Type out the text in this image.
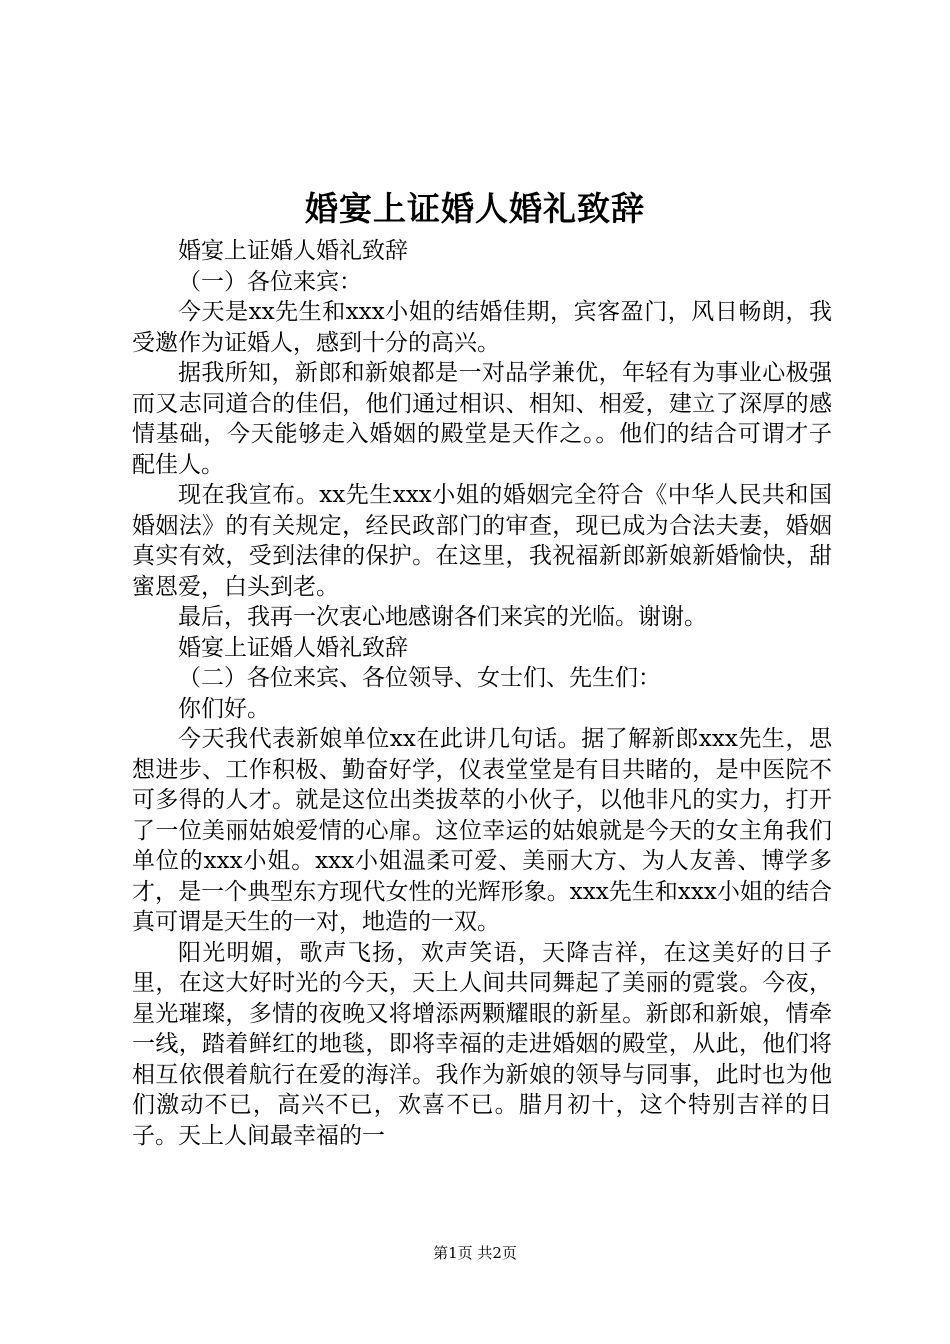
婚宴上证婚人婚礼致辞

婚宴上证婚人婚礼致辞

（一）各位来宾：

今天是xx先生和xxx小姐的结婚佳期，宾客盈门，风日畅朗，我受邀作为证婚人，感到十分的高兴。

据我所知，新郎和新娘都是一对品学兼优，年轻有为事业心极强而又志同道合的佳侣，他们通过相识、相知、相爱，建立了深厚的感情基础，今天能够走入婚姻的殿堂是天作之。。他们的结合可谓才子配佳人。

现在我宣布。xx先生xxx小姐的婚姻完全符合《中华人民共和国婚姻法》的有关规定，经民政部门的审查，现已成为合法夫妻，婚姻真实有效，受到法律的保护。在这里，我祝福新郎新娘新婚愉快，甜蜜恩爱，白头到老。

最后，我再一次衷心地感谢各们来宾的光临。谢谢。

婚宴上证婚人婚礼致辞

（二）各位来宾、各位领导、女士们、先生们：

你们好。

今天我代表新娘单位xx在此讲几句话。据了解新郎xxx先生，思想进步、工作积极、勤奋好学，仪表堂堂是有目共睹的，是中医院不可多得的人才。就是这位出类拔萃的小伙子，以他非凡的实力，打开了一位美丽姑娘爱情的心扉。这位幸运的姑娘就是今天的女主角我们单位的xxx小姐。xxx小姐温柔可爱、美丽大方、为人友善、博学多才，是一个典型东方现代女性的光辉形象。xxx先生和xxx小姐的结合真可谓是天生的一对，地造的一双。

阳光明媚，歌声飞扬，欢声笑语，天降吉祥，在这美好的日子里，在这大好时光的今天，天上人间共同舞起了美丽的霓裳。今夜，星光璀璨，多情的夜晚又将增添两颗耀眼的新星。新郎和新娘，情牵一线，踏着鲜红的地毯，即将幸福的走进婚姻的殿堂，从此，他们将相互依偎着航行在爱的海洋。我作为新娘的领导与同事，此时也为他们激动不已，高兴不已，欢喜不已。腊月初十，这个特别吉祥的日子。天上人间最幸福的一

第1页 共2页
